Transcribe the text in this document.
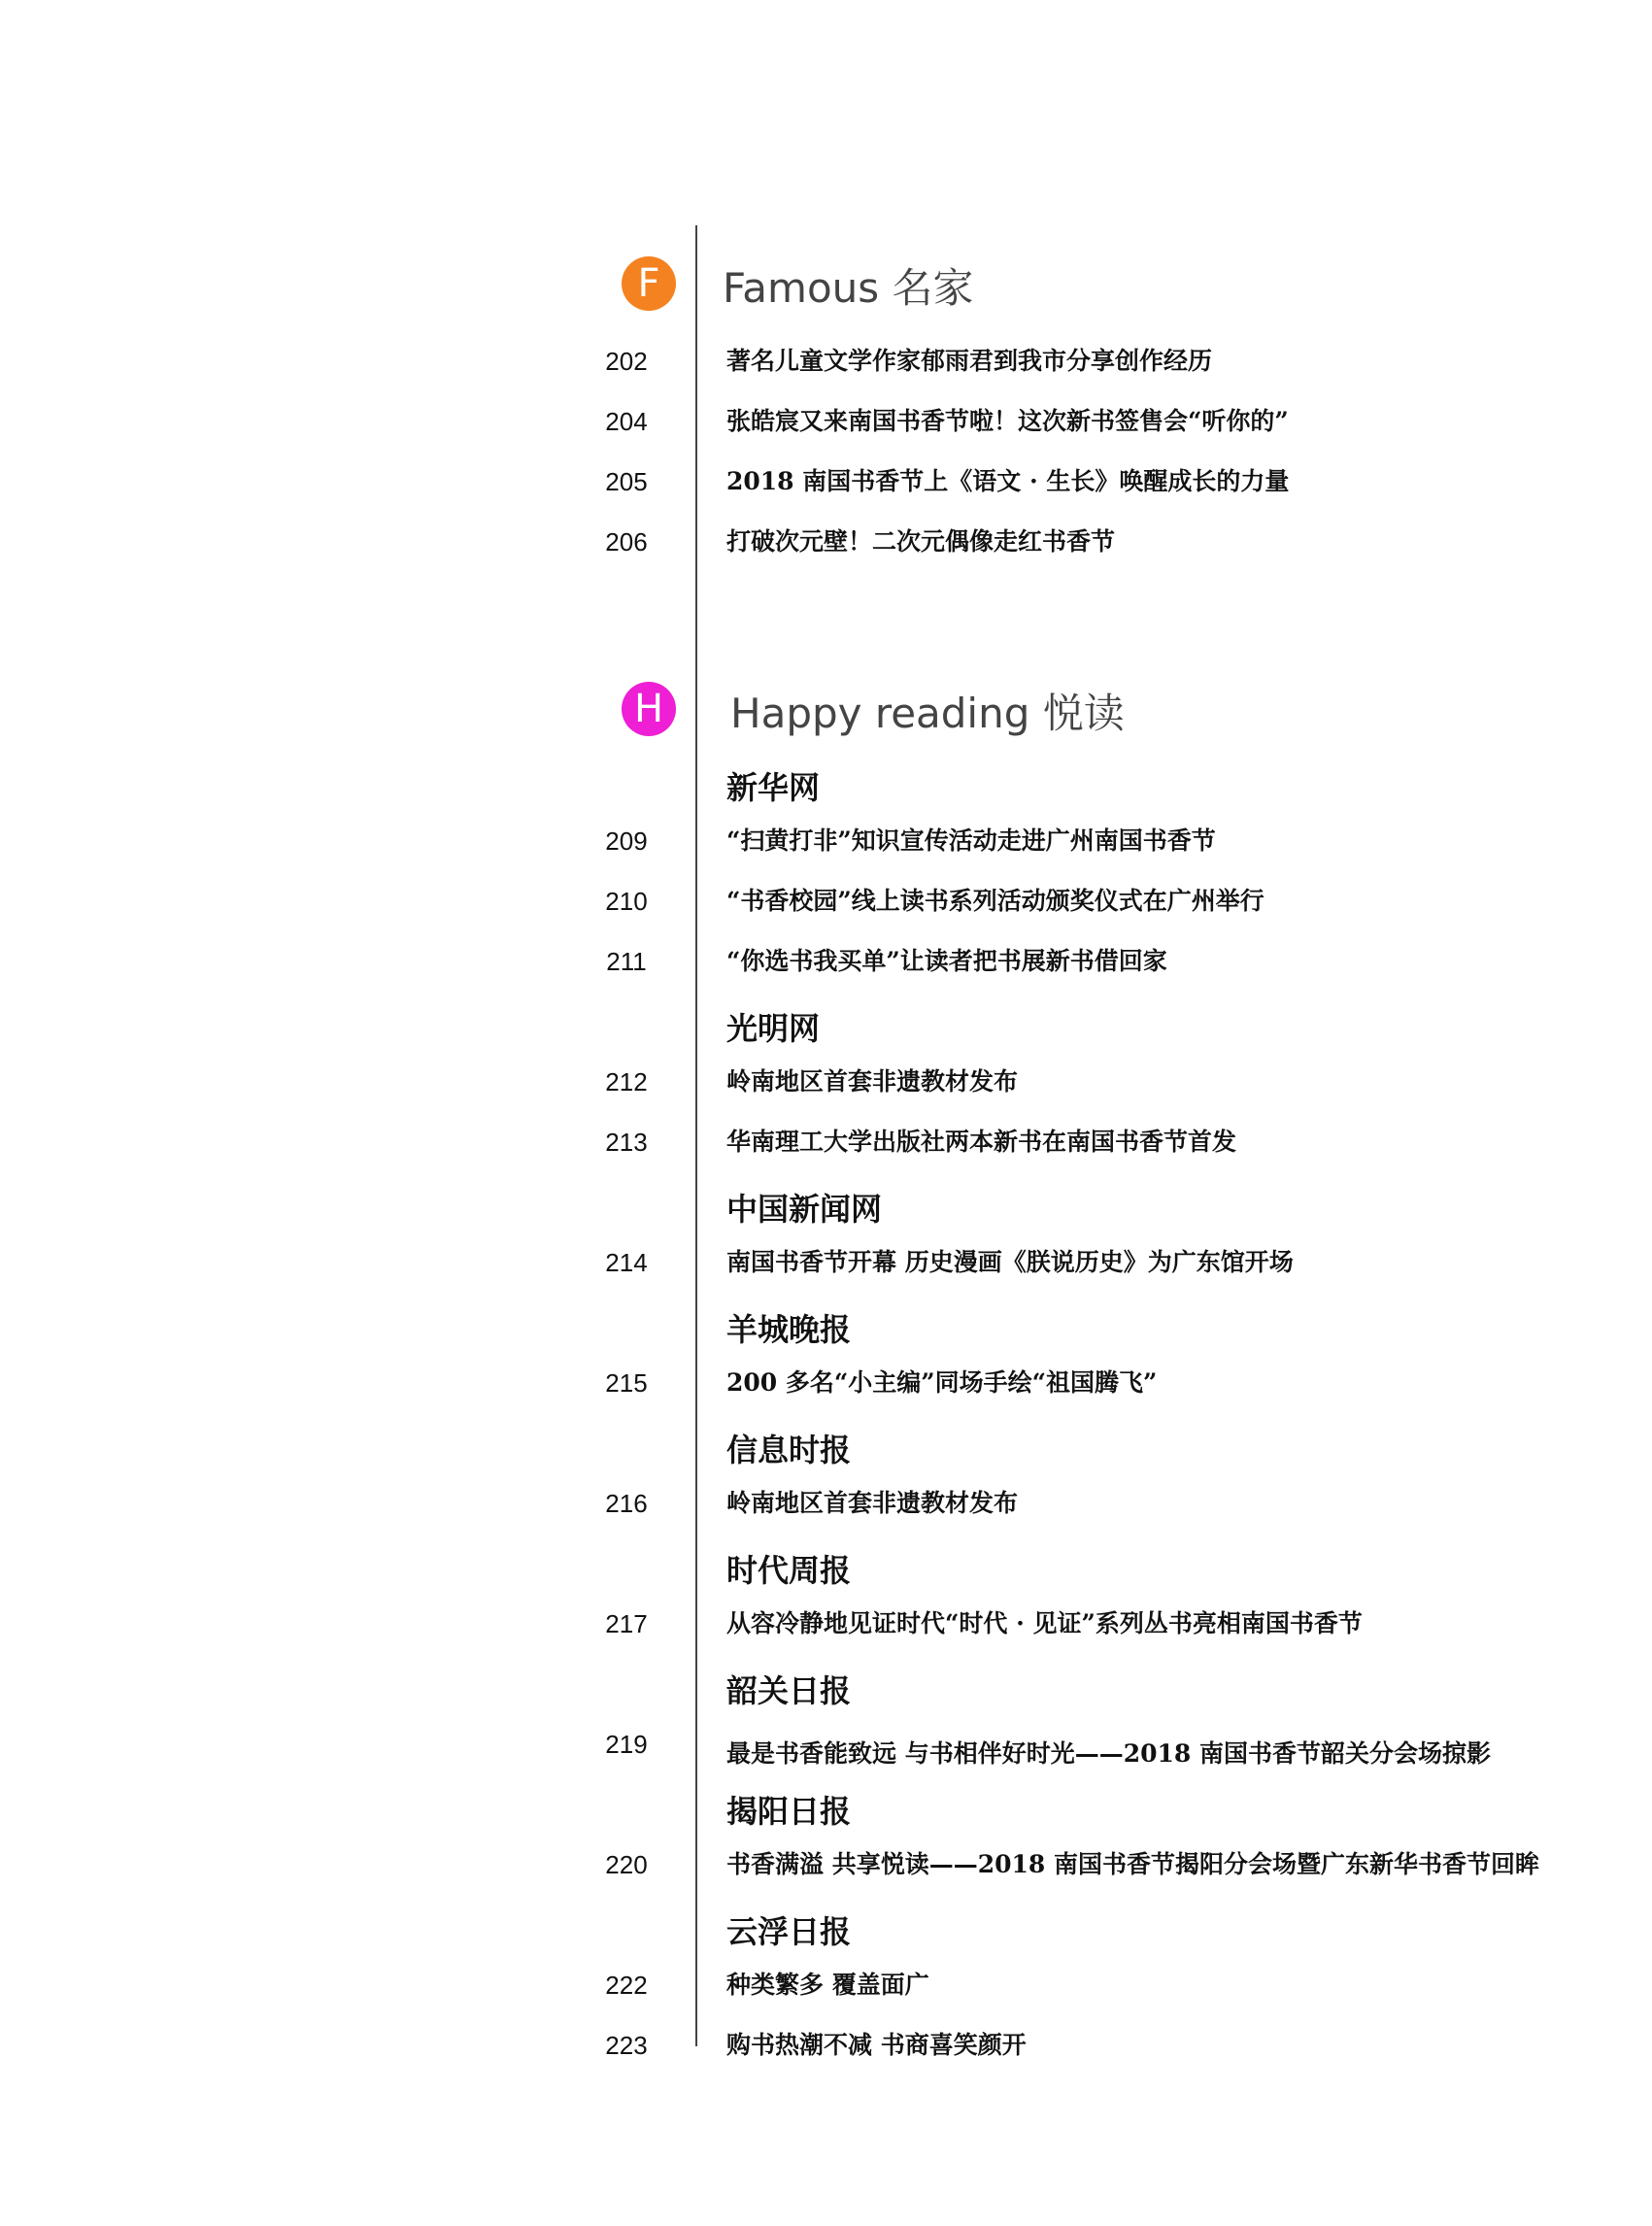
F	Famous 名家
202	著名儿童文学作家郁雨君到我市分享创作经历
204	张皓宸又来南国书香节啦！这次新书签售会“听你的”
205	2018 南国书香节上《语文 · 生长》唤醒成长的力量
206	打破次元壁！二次元偶像走红书香节
H	Happy reading 悦读
新华网
209	“扫黄打非”知识宣传活动走进广州南国书香节
210	“书香校园”线上读书系列活动颁奖仪式在广州举行
211	“你选书我买单”让读者把书展新书借回家
光明网
212	岭南地区首套非遗教材发布
213	华南理工大学出版社两本新书在南国书香节首发
中国新闻网
214	南国书香节开幕 历史漫画《朕说历史》为广东馆开场
羊城晚报
215	200 多名“小主编”同场手绘“祖国腾飞”
信息时报
216	岭南地区首套非遗教材发布
时代周报
217	从容冷静地见证时代“时代 · 见证”系列丛书亮相南国书香节
韶关日报
219	最是书香能致远 与书相伴好时光——2018 南国书香节韶关分会场掠影
揭阳日报
220	书香满溢 共享悦读——2018 南国书香节揭阳分会场暨广东新华书香节回眸
云浮日报
222	种类繁多 覆盖面广
223	购书热潮不减 书商喜笑颜开
